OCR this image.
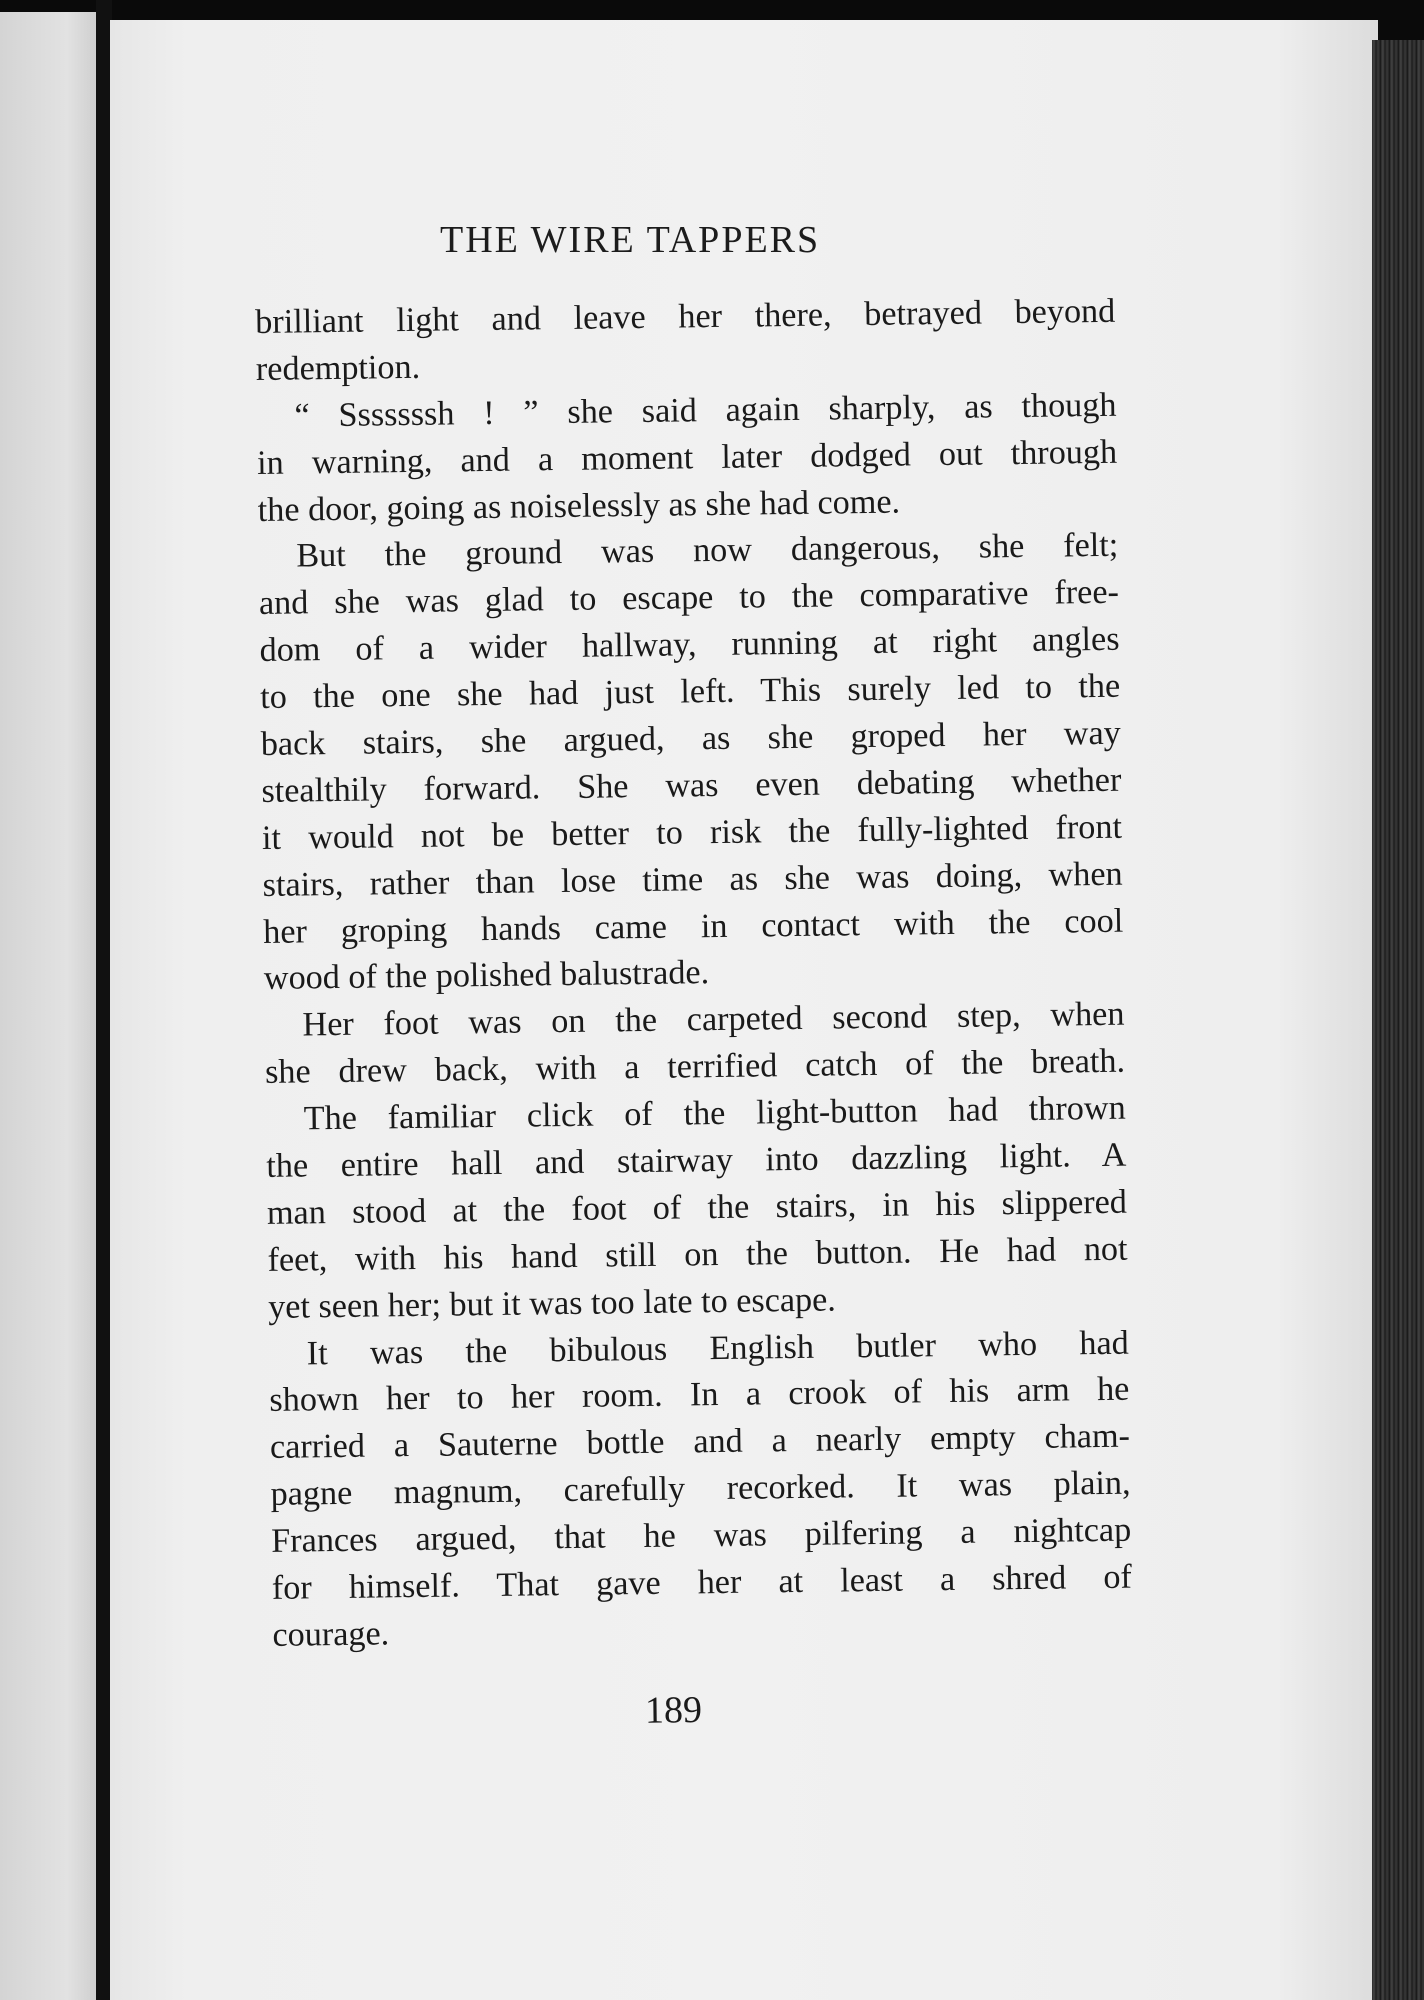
THE WIRE TAPPERS
brilliant light and leave her there, betrayed beyond
redemption.
“ Sssssssh ! ” she said again sharply, as though
in warning, and a moment later dodged out through
the door, going as noiselessly as she had come.
But the ground was now dangerous, she felt;
and she was glad to escape to the comparative free-
dom of a wider hallway, running at right angles
to the one she had just left. This surely led to the
back stairs, she argued, as she groped her way
stealthily forward. She was even debating whether
it would not be better to risk the fully-lighted front
stairs, rather than lose time as she was doing, when
her groping hands came in contact with the cool
wood of the polished balustrade.
Her foot was on the carpeted second step, when
she drew back, with a terrified catch of the breath.
The familiar click of the light-button had thrown
the entire hall and stairway into dazzling light. A
man stood at the foot of the stairs, in his slippered
feet, with his hand still on the button. He had not
yet seen her; but it was too late to escape.
It was the bibulous English butler who had
shown her to her room. In a crook of his arm he
carried a Sauterne bottle and a nearly empty cham-
pagne magnum, carefully recorked. It was plain,
Frances argued, that he was pilfering a nightcap
for himself. That gave her at least a shred of
courage.
189
